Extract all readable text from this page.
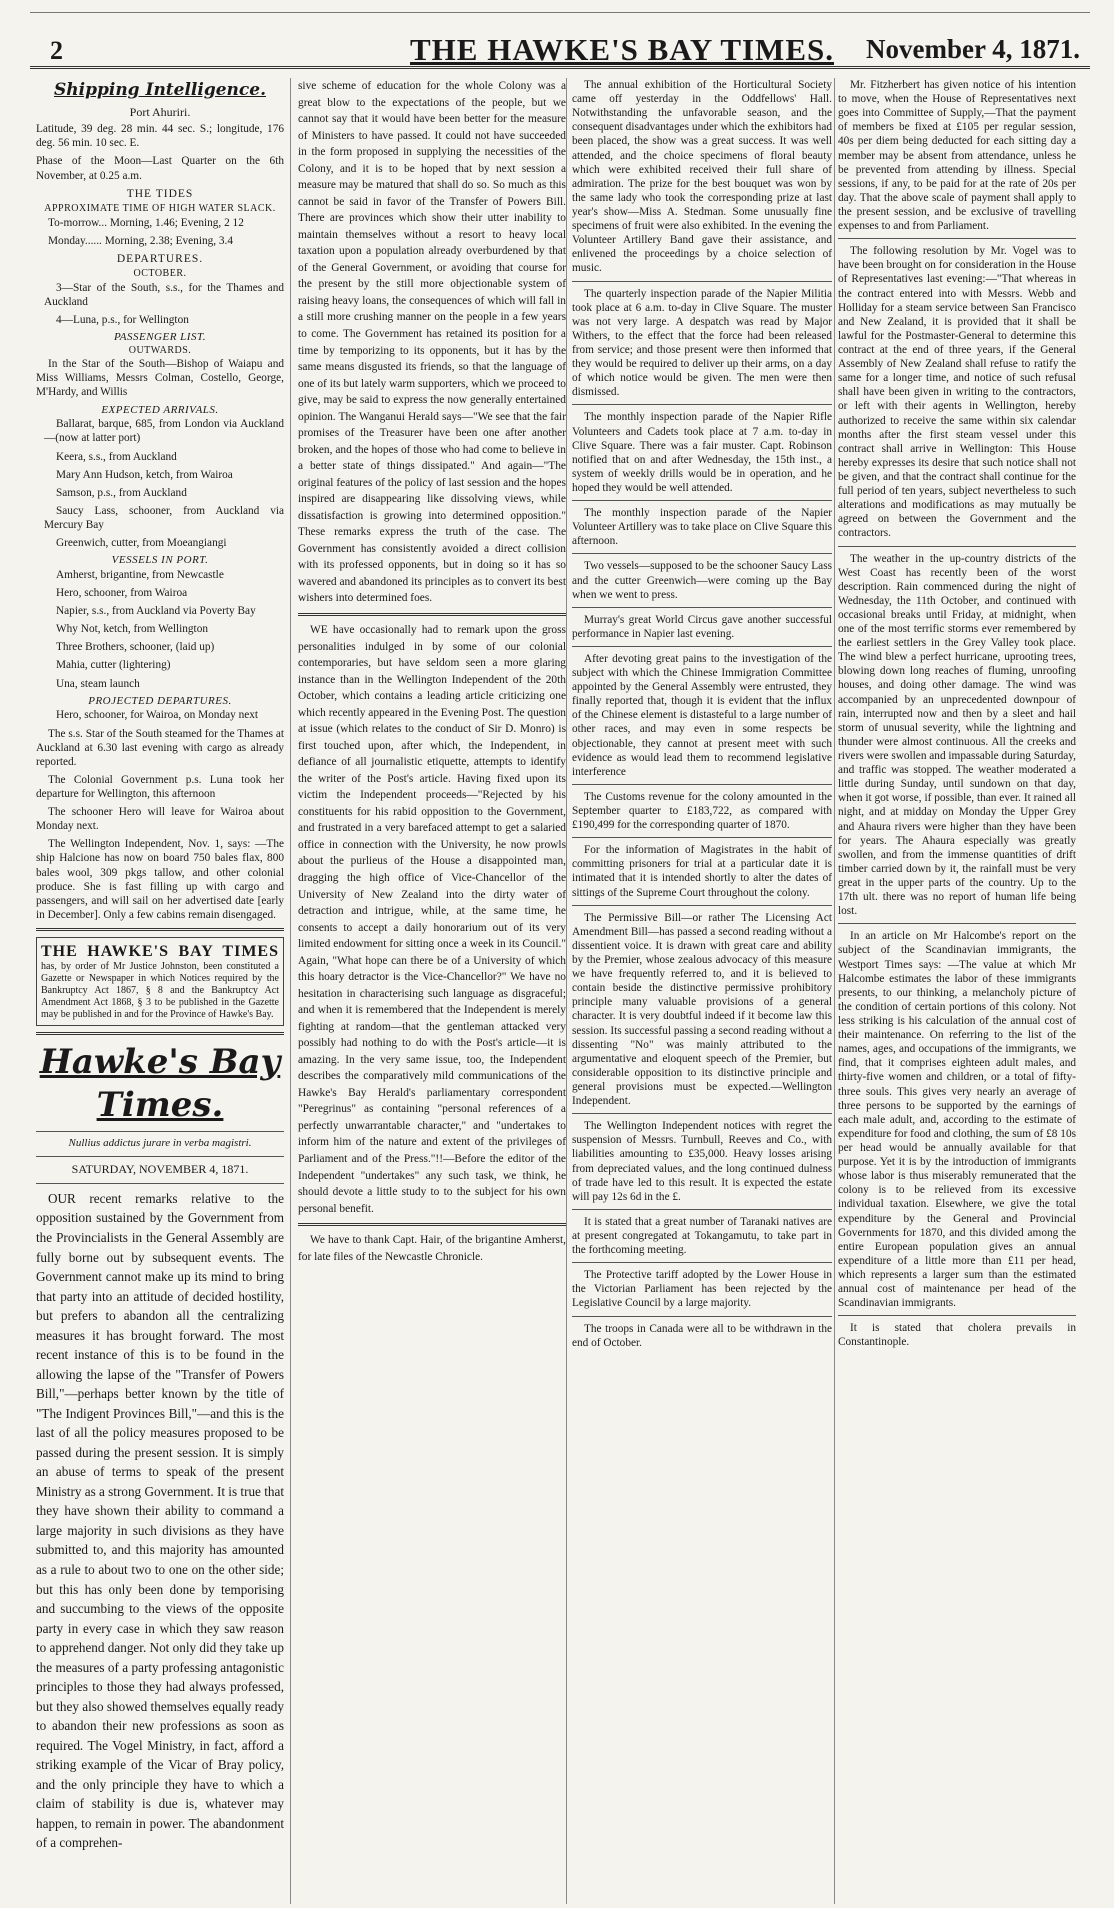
2	THE HAWKE'S BAY TIMES. November 4, 1871.
Shipping Intelligence.
Port Ahuriri.

Latitude, 39 deg. 28 min. 44 sec. S.; longitude, 176 deg. 56 min. 10 sec. E.

Phase of the Moon—Last Quarter on the 6th November, at 0.25 a.m.

THE TIDES
APPROXIMATE TIME OF HIGH WATER SLACK.

To-morrow... Morning, 1.46; Evening, 2 12

Monday...... Morning, 2.38; Evening, 3.4

DEPARTURES.
OCTOBER.

3—Star of the South, s.s., for the Thames and Auckland

4—Luna, p.s., for Wellington

PASSENGER LIST.
OUTWARDS.

In the Star of the South—Bishop of Waiapu and Miss Williams, Messrs Colman, Costello, George, M'Hardy, and Willis

EXPECTED ARRIVALS.

Ballarat, barque, 685, from London via Auckland—(now at latter port)

Keera, s.s., from Auckland

Mary Ann Hudson, ketch, from Wairoa

Samson, p.s., from Auckland

Saucy Lass, schooner, from Auckland via Mercury Bay

Greenwich, cutter, from Moeangiangi

VESSELS IN PORT.

Amherst, brigantine, from Newcastle

Hero, schooner, from Wairoa

Napier, s.s., from Auckland via Poverty Bay

Why Not, ketch, from Wellington

Three Brothers, schooner, (laid up)

Mahia, cutter (lightering)

Una, steam launch

PROJECTED DEPARTURES.

Hero, schooner, for Wairoa, on Monday next

The s.s. Star of the South steamed for the Thames at Auckland at 6.30 last evening with cargo as already reported.

The Colonial Government p.s. Luna took her departure for Wellington, this afternoon

The schooner Hero will leave for Wairoa about Monday next.

The Wellington Independent, Nov. 1, says: —The ship Halcione has now on board 750 bales flax, 800 bales wool, 309 pkgs tallow, and other colonial produce. She is fast filling up with cargo and passengers, and will sail on her advertised date [early in December]. Only a few cabins remain disengaged.

THE HAWKE'S BAY TIMES has, by order of Mr Justice Johnston, been constituted a Gazette or Newspaper in which Notices required by the Bankruptcy Act 1867, § 8 and the Bankruptcy Act Amendment Act 1868, § 3 to be published in the Gazette may be published in and for the Province of Hawke's Bay.
Hawke's Bay Times.
Nullius addictus jurare in verba magistri.
SATURDAY, NOVEMBER 4, 1871.

OUR recent remarks relative to the opposition sustained by the Government from the Provincialists in the General Assembly are fully borne out by subsequent events. The Government cannot make up its mind to bring that party into an attitude of decided hostility, but prefers to abandon all the centralizing measures it has brought forward. The most recent instance of this is to be found in the allowing the lapse of the "Transfer of Powers Bill,"—perhaps better known by the title of "The Indigent Provinces Bill,"—and this is the last of all the policy measures proposed to be passed during the present session. It is simply an abuse of terms to speak of the present Ministry as a strong Government. It is true that they have shown their ability to command a large majority in such divisions as they have submitted to, and this majority has amounted as a rule to about two to one on the other side; but this has only been done by temporising and succumbing to the views of the opposite party in every case in which they saw reason to apprehend danger. Not only did they take up the measures of a party professing antagonistic principles to those they had always professed, but they also showed themselves equally ready to abandon their new professions as soon as required. The Vogel Ministry, in fact, afford a striking example of the Vicar of Bray policy, and the only principle they have to which a claim of stability is due is, whatever may happen, to remain in power. The abandonment of a comprehen-

sive scheme of education for the whole Colony was a great blow to the expectations of the people, but we cannot say that it would have been better for the measure of Ministers to have passed. It could not have succeeded in the form proposed in supplying the necessities of the Colony, and it is to be hoped that by next session a measure may be matured that shall do so. So much as this cannot be said in favor of the Transfer of Powers Bill. There are provinces which show their utter inability to maintain themselves without a resort to heavy local taxation upon a population already overburdened by that of the General Government, or avoiding that course for the present by the still more objectionable system of raising heavy loans, the consequences of which will fall in a still more crushing manner on the people in a few years to come. The Government has retained its position for a time by temporizing to its opponents, but it has by the same means disgusted its friends, so that the language of one of its but lately warm supporters, which we proceed to give, may be said to express the now generally entertained opinion. The Wanganui Herald says—"We see that the fair promises of the Treasurer have been one after another broken, and the hopes of those who had come to believe in a better state of things dissipated." And again—"The original features of the policy of last session and the hopes inspired are disappearing like dissolving views, while dissatisfaction is growing into determined opposition." These remarks express the truth of the case. The Government has consistently avoided a direct collision with its professed opponents, but in doing so it has so wavered and abandoned its principles as to convert its best wishers into determined foes.

WE have occasionally had to remark upon the gross personalities indulged in by some of our colonial contemporaries, but have seldom seen a more glaring instance than in the Wellington Independent of the 20th October, which contains a leading article criticizing one which recently appeared in the Evening Post. The question at issue (which relates to the conduct of Sir D. Monro) is first touched upon, after which, the Independent, in defiance of all journalistic etiquette, attempts to identify the writer of the Post's article. Having fixed upon its victim the Independent proceeds—"Rejected by his constituents for his rabid opposition to the Government, and frustrated in a very barefaced attempt to get a salaried office in connection with the University, he now prowls about the purlieus of the House a disappointed man, dragging the high office of Vice-Chancellor of the University of New Zealand into the dirty water of detraction and intrigue, while, at the same time, he consents to accept a daily honorarium out of its very limited endowment for sitting once a week in its Council." Again, "What hope can there be of a University of which this hoary detractor is the Vice-Chancellor?" We have no hesitation in characterising such language as disgraceful; and when it is remembered that the Independent is merely fighting at random—that the gentleman attacked very possibly had nothing to do with the Post's article—it is amazing. In the very same issue, too, the Independent describes the comparatively mild communications of the Hawke's Bay Herald's parliamentary correspondent "Peregrinus" as containing "personal references of a perfectly unwarrantable character," and "undertakes to inform him of the nature and extent of the privileges of Parliament and of the Press."!!—Before the editor of the Independent "undertakes" any such task, we think, he should devote a little study to to the subject for his own personal benefit.

We have to thank Capt. Hair, of the brigantine Amherst, for late files of the Newcastle Chronicle.

The annual exhibition of the Horticultural Society came off yesterday in the Oddfellows' Hall. Notwithstanding the unfavorable season, and the consequent disadvantages under which the exhibitors had been placed, the show was a great success. It was well attended, and the choice specimens of floral beauty which were exhibited received their full share of admiration. The prize for the best bouquet was won by the same lady who took the corresponding prize at last year's show—Miss A. Stedman. Some unusually fine specimens of fruit were also exhibited. In the evening the Volunteer Artillery Band gave their assistance, and enlivened the proceedings by a choice selection of music.

The quarterly inspection parade of the Napier Militia took place at 6 a.m. to-day in Clive Square. The muster was not very large. A despatch was read by Major Withers, to the effect that the force had been released from service; and those present were then informed that they would be required to deliver up their arms, on a day of which notice would be given. The men were then dismissed.

The monthly inspection parade of the Napier Rifle Volunteers and Cadets took place at 7 a.m. to-day in Clive Square. There was a fair muster. Capt. Robinson notified that on and after Wednesday, the 15th inst., a system of weekly drills would be in operation, and he hoped they would be well attended.

The monthly inspection parade of the Napier Volunteer Artillery was to take place on Clive Square this afternoon.

Two vessels—supposed to be the schooner Saucy Lass and the cutter Greenwich—were coming up the Bay when we went to press.

Murray's great World Circus gave another successful performance in Napier last evening.

After devoting great pains to the investigation of the subject with which the Chinese Immigration Committee appointed by the General Assembly were entrusted, they finally reported that, though it is evident that the influx of the Chinese element is distasteful to a large number of other races, and may even in some respects be objectionable, they cannot at present meet with such evidence as would lead them to recommend legislative interference

The Customs revenue for the colony amounted in the September quarter to £183,722, as compared with £190,499 for the corresponding quarter of 1870.

For the information of Magistrates in the habit of committing prisoners for trial at a particular date it is intimated that it is intended shortly to alter the dates of sittings of the Supreme Court throughout the colony.

The Permissive Bill—or rather The Licensing Act Amendment Bill—has passed a second reading without a dissentient voice. It is drawn with great care and ability by the Premier, whose zealous advocacy of this measure we have frequently referred to, and it is believed to contain beside the distinctive permissive prohibitory principle many valuable provisions of a general character. It is very doubtful indeed if it become law this session. Its successful passing a second reading without a dissenting "No" was mainly attributed to the argumentative and eloquent speech of the Premier, but considerable opposition to its distinctive principle and general provisions must be expected.—Wellington Independent.

The Wellington Independent notices with regret the suspension of Messrs. Turnbull, Reeves and Co., with liabilities amounting to £35,000. Heavy losses arising from depreciated values, and the long continued dulness of trade have led to this result. It is expected the estate will pay 12s 6d in the £.

It is stated that a great number of Taranaki natives are at present congregated at Tokangamutu, to take part in the forthcoming meeting.

The Protective tariff adopted by the Lower House in the Victorian Parliament has been rejected by the Legislative Council by a large majority.

The troops in Canada were all to be withdrawn in the end of October.

Mr. Fitzherbert has given notice of his intention to move, when the House of Representatives next goes into Committee of Supply,—That the payment of members be fixed at £105 per regular session, 40s per diem being deducted for each sitting day a member may be absent from attendance, unless he be prevented from attending by illness. Special sessions, if any, to be paid for at the rate of 20s per day. That the above scale of payment shall apply to the present session, and be exclusive of travelling expenses to and from Parliament.

The following resolution by Mr. Vogel was to have been brought on for consideration in the House of Representatives last evening:—"That whereas in the contract entered into with Messrs. Webb and Holliday for a steam service between San Francisco and New Zealand, it is provided that it shall be lawful for the Postmaster-General to determine this contract at the end of three years, if the General Assembly of New Zealand shall refuse to ratify the same for a longer time, and notice of such refusal shall have been given in writing to the contractors, or left with their agents in Wellington, hereby authorized to receive the same within six calendar months after the first steam vessel under this contract shall arrive in Wellington: This House hereby expresses its desire that such notice shall not be given, and that the contract shall continue for the full period of ten years, subject nevertheless to such alterations and modifications as may mutually be agreed on between the Government and the contractors.

The weather in the up-country districts of the West Coast has recently been of the worst description. Rain commenced during the night of Wednesday, the 11th October, and continued with occasional breaks until Friday, at midnight, when one of the most terrific storms ever remembered by the earliest settlers in the Grey Valley took place. The wind blew a perfect hurricane, uprooting trees, blowing down long reaches of fluming, unroofing houses, and doing other damage. The wind was accompanied by an unprecedented downpour of rain, interrupted now and then by a sleet and hail storm of unusual severity, while the lightning and thunder were almost continuous. All the creeks and rivers were swollen and impassable during Saturday, and traffic was stopped. The weather moderated a little during Sunday, until sundown on that day, when it got worse, if possible, than ever. It rained all night, and at midday on Monday the Upper Grey and Ahaura rivers were higher than they have been for years. The Ahaura especially was greatly swollen, and from the immense quantities of drift timber carried down by it, the rainfall must be very great in the upper parts of the country. Up to the 17th ult. there was no report of human life being lost.

In an article on Mr Halcombe's report on the subject of the Scandinavian immigrants, the Westport Times says: —The value at which Mr Halcombe estimates the labor of these immigrants presents, to our thinking, a melancholy picture of the condition of certain portions of this colony. Not less striking is his calculation of the annual cost of their maintenance. On referring to the list of the names, ages, and occupations of the immigrants, we find, that it comprises eighteen adult males, and thirty-five women and children, or a total of fifty-three souls. This gives very nearly an average of three persons to be supported by the earnings of each male adult, and, according to the estimate of expenditure for food and clothing, the sum of £8 10s per head would be annually available for that purpose. Yet it is by the introduction of immigrants whose labor is thus miserably remunerated that the colony is to be relieved from its excessive individual taxation. Elsewhere, we give the total expenditure by the General and Provincial Governments for 1870, and this divided among the entire European population gives an annual expenditure of a little more than £11 per head, which represents a larger sum than the estimated annual cost of maintenance per head of the Scandinavian immigrants.

It is stated that cholera prevails in Constantinople.
